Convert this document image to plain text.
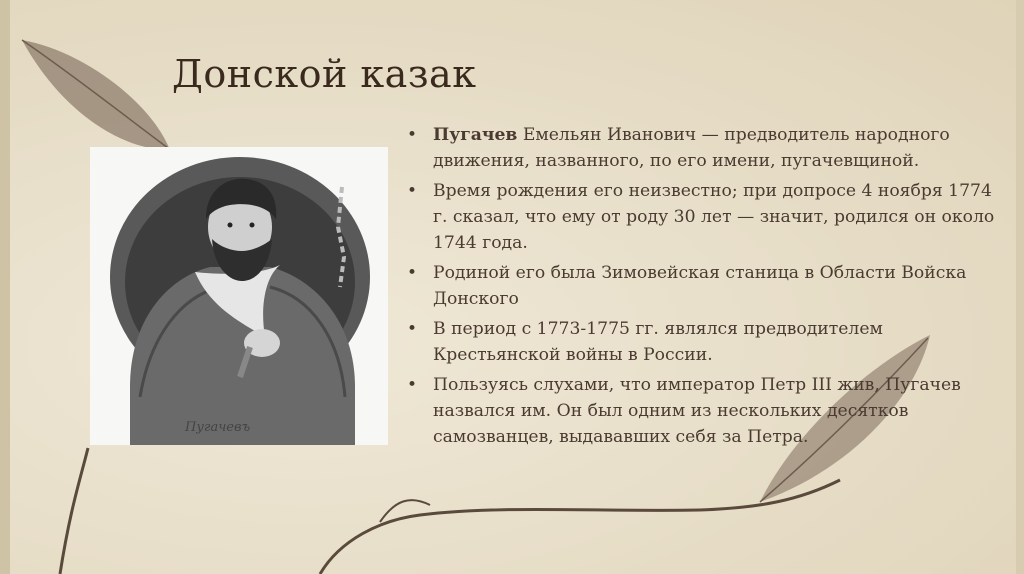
Донской казак
Пугачевъ
• Пугачев Емельян Иванович — предводитель народного движения, названного, по его имени, пугачевщиной.
• Время рождения его неизвестно; при допросе 4 ноября 1774 г. сказал, что ему от роду 30 лет — значит, родился он около 1744 года.
• Родиной его была Зимовейская станица в Области Войска Донского
• В период с 1773-1775 гг. являлся предводителем Крестьянской войны в России.
• Пользуясь слухами, что император Петр III жив, Пугачев назвался им. Он был одним из нескольких десятков самозванцев, выдававших себя за Петра.
